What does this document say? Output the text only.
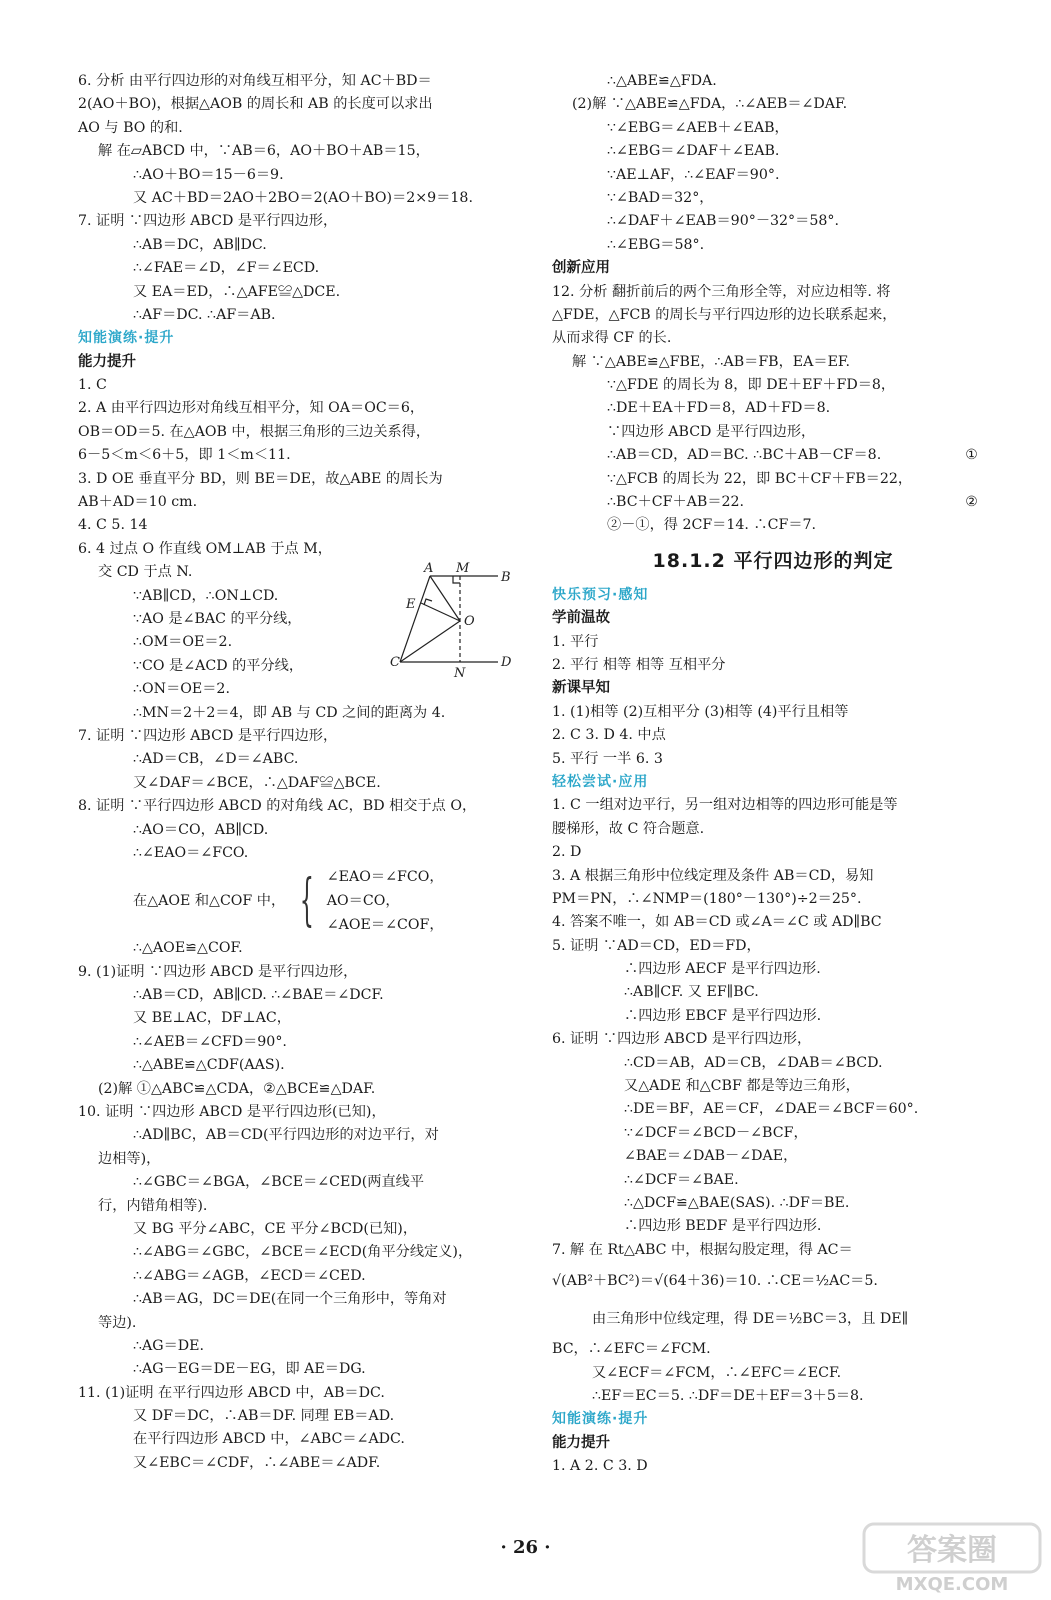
6. 分析 由平行四边形的对角线互相平分，知 AC＋BD＝
2(AO＋BO)，根据△AOB 的周长和 AB 的长度可以求出
AO 与 BO 的和.
解 在▱ABCD 中，∵AB＝6，AO＋BO＋AB＝15，
∴AO＋BO＝15－6＝9.
又 AC＋BD＝2AO＋2BO＝2(AO＋BO)＝2×9＝18.
7. 证明 ∵四边形 ABCD 是平行四边形，
∴AB＝DC，AB∥DC.
∴∠FAE＝∠D，∠F＝∠ECD.
又 EA＝ED，∴△AFE≌△DCE.
∴AF＝DC. ∴AF＝AB.
知能演练·提升
能力提升
1. C
2. A 由平行四边形对角线互相平分，知 OA＝OC＝6，
OB＝OD＝5. 在△AOB 中，根据三角形的三边关系得，
6－5＜m＜6＋5，即 1＜m＜11.
3. D OE 垂直平分 BD，则 BE＝DE，故△ABE 的周长为
AB＋AD＝10 cm.
4. C 5. 14
6. 4 过点 O 作直线 OM⊥AB 于点 M，
交 CD 于点 N.
∵AB∥CD，∴ON⊥CD.
∵AO 是∠BAC 的平分线，
∴OM＝OE＝2.
∵CO 是∠ACD 的平分线，
∴ON＝OE＝2.
∴MN＝2＋2＝4，即 AB 与 CD 之间的距离为 4.
7. 证明 ∵四边形 ABCD 是平行四边形，
∴AD＝CB，∠D＝∠ABC.
又∠DAF＝∠BCE，∴△DAF≌△BCE.
8. 证明 ∵平行四边形 ABCD 的对角线 AC，BD 相交于点 O，
∴AO＝CO，AB∥CD.
∴∠EAO＝∠FCO.
在△AOE 和△COF 中， { ∠EAO＝∠FCO，
AO＝CO，
∠AOE＝∠COF，
∴△AOE≌△COF.
9. (1)证明 ∵四边形 ABCD 是平行四边形，
∴AB＝CD，AB∥CD. ∴∠BAE＝∠DCF.
又 BE⊥AC，DF⊥AC，
∴∠AEB＝∠CFD＝90°.
∴△ABE≌△CDF(AAS).
(2)解 ①△ABC≌△CDA，②△BCE≌△DAF.
10. 证明 ∵四边形 ABCD 是平行四边形(已知)，
∴AD∥BC，AB＝CD(平行四边形的对边平行，对
边相等)，
∴∠GBC＝∠BGA，∠BCE＝∠CED(两直线平
行，内错角相等).
又 BG 平分∠ABC，CE 平分∠BCD(已知)，
∴∠ABG＝∠GBC，∠BCE＝∠ECD(角平分线定义)，
∴∠ABG＝∠AGB，∠ECD＝∠CED.
∴AB＝AG，DC＝DE(在同一个三角形中，等角对
等边).
∴AG＝DE.
∴AG－EG＝DE－EG，即 AE＝DG.
11. (1)证明 在平行四边形 ABCD 中，AB＝DC.
又 DF＝DC，∴AB＝DF. 同理 EB＝AD.
在平行四边形 ABCD 中，∠ABC＝∠ADC.
又∠EBC＝∠CDF，∴∠ABE＝∠ADF.
∴△ABE≌△FDA.
(2)解 ∵△ABE≌△FDA，∴∠AEB＝∠DAF.
∵∠EBG＝∠AEB＋∠EAB，
∴∠EBG＝∠DAF＋∠EAB.
∵AE⊥AF，∴∠EAF＝90°.
∵∠BAD＝32°，
∴∠DAF＋∠EAB＝90°－32°＝58°.
∴∠EBG＝58°.
创新应用
12. 分析 翻折前后的两个三角形全等，对应边相等. 将
△FDE，△FCB 的周长与平行四边形的边长联系起来，
从而求得 CF 的长.
解 ∵△ABE≌△FBE，∴AB＝FB，EA＝EF.
∵△FDE 的周长为 8，即 DE＋EF＋FD＝8，
∴DE＋EA＋FD＝8，AD＋FD＝8.
∵四边形 ABCD 是平行四边形，
∴AB＝CD，AD＝BC. ∴BC＋AB－CF＝8.	①
∵△FCB 的周长为 22，即 BC＋CF＋FB＝22，
∴BC＋CF＋AB＝22.	②
②－①，得 2CF＝14. ∴CF＝7.
18.1.2 平行四边形的判定
快乐预习·感知
学前温故
1. 平行
2. 平行 相等 相等 互相平分
新课早知
1. (1)相等 (2)互相平分 (3)相等 (4)平行且相等
2. C 3. D 4. 中点
5. 平行 一半 6. 3
轻松尝试·应用
1. C 一组对边平行，另一组对边相等的四边形可能是等
腰梯形，故 C 符合题意.
2. D
3. A 根据三角形中位线定理及条件 AB＝CD，易知
PM＝PN，∴∠NMP＝(180°－130°)÷2＝25°.
4. 答案不唯一，如 AB＝CD 或∠A＝∠C 或 AD∥BC
5. 证明 ∵AD＝CD，ED＝FD，
∴四边形 AECF 是平行四边形.
∴AB∥CF. 又 EF∥BC.
∴四边形 EBCF 是平行四边形.
6. 证明 ∵四边形 ABCD 是平行四边形，
∴CD＝AB，AD＝CB，∠DAB＝∠BCD.
又△ADE 和△CBF 都是等边三角形，
∴DE＝BF，AE＝CF，∠DAE＝∠BCF＝60°.
∵∠DCF＝∠BCD－∠BCF，
∠BAE＝∠DAB－∠DAE，
∴∠DCF＝∠BAE.
∴△DCF≌△BAE(SAS). ∴DF＝BE.
∴四边形 BEDF 是平行四边形.
7. 解 在 Rt△ABC 中，根据勾股定理，得 AC＝
√(AB²＋BC²)＝√(64＋36)＝10. ∴CE＝½AC＝5.
由三角形中位线定理，得 DE＝½BC＝3，且 DE∥
BC，∴∠EFC＝∠FCM.
又∠ECF＝∠FCM，∴∠EFC＝∠ECF.
∴EF＝EC＝5. ∴DF＝DE＋EF＝3＋5＝8.
知能演练·提升
能力提升
1. A 2. C 3. D
A M
B
E
O
C
N
D
· 26 ·	答案圈
MXQE.COM
